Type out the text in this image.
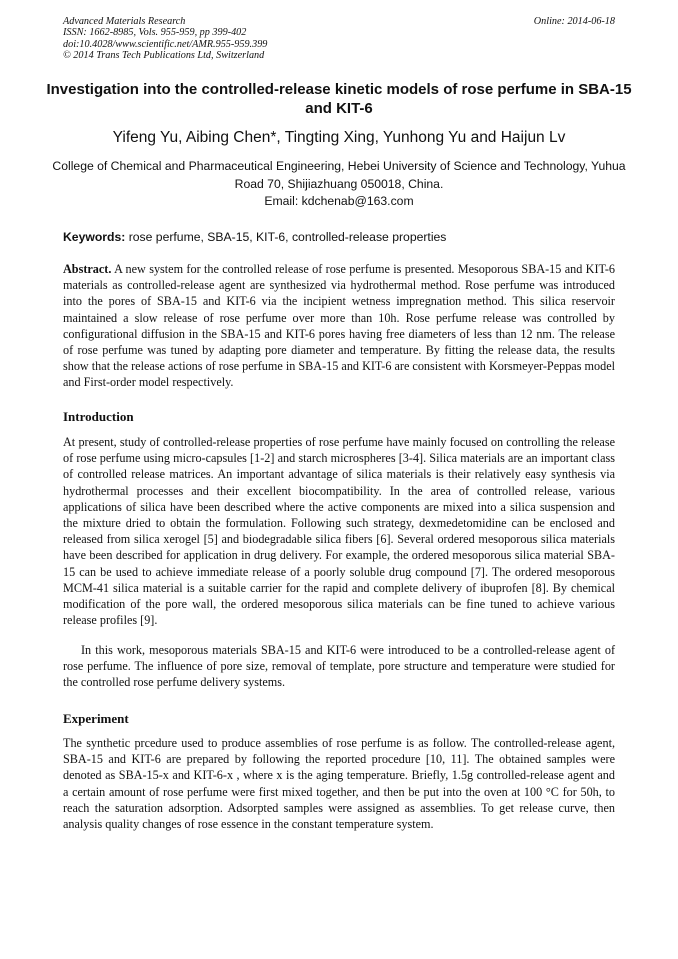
Advanced Materials Research
ISSN: 1662-8985, Vols. 955-959, pp 399-402
doi:10.4028/www.scientific.net/AMR.955-959.399
© 2014 Trans Tech Publications Ltd, Switzerland
Online: 2014-06-18
Investigation into the controlled-release kinetic models of rose perfume in SBA-15 and KIT-6
Yifeng Yu, Aibing Chen*, Tingting Xing, Yunhong Yu and Haijun Lv
College of Chemical and Pharmaceutical Engineering, Hebei University of Science and Technology, Yuhua Road 70, Shijiazhuang 050018, China.
Email: kdchenab@163.com
Keywords: rose perfume, SBA-15, KIT-6, controlled-release properties

Abstract. A new system for the controlled release of rose perfume is presented. Mesoporous SBA-15 and KIT-6 materials as controlled-release agent are synthesized via hydrothermal method. Rose perfume was introduced into the pores of SBA-15 and KIT-6 via the incipient wetness impregnation method. This silica reservoir maintained a slow release of rose perfume over more than 10h. Rose perfume release was controlled by configurational diffusion in the SBA-15 and KIT-6 pores having free diameters of less than 12 nm. The release of rose perfume was tuned by adapting pore diameter and temperature. By fitting the release data, the results show that the release actions of rose perfume in SBA-15 and KIT-6 are consistent with Korsmeyer-Peppas model and First-order model respectively.

Introduction

At present, study of controlled-release properties of rose perfume have mainly focused on controlling the release of rose perfume using micro-capsules [1-2] and starch microspheres [3-4]. Silica materials are an important class of controlled release matrices. An important advantage of silica materials is their relatively easy synthesis via hydrothermal processes and their excellent biocompatibility. In the area of controlled release, various applications of silica have been described where the active components are mixed into a silica suspension and the mixture dried to obtain the formulation. Following such strategy, dexmedetomidine can be enclosed and released from silica xerogel [5] and biodegradable silica fibers [6]. Several ordered mesoporous silica materials have been described for application in drug delivery. For example, the ordered mesoporous silica material SBA-15 can be used to achieve immediate release of a poorly soluble drug compound [7]. The ordered mesoporous MCM-41 silica material is a suitable carrier for the rapid and complete delivery of ibuprofen [8]. By chemical modification of the pore wall, the ordered mesoporous silica materials can be fine tuned to achieve various release profiles [9].

In this work, mesoporous materials SBA-15 and KIT-6 were introduced to be a controlled-release agent of rose perfume. The influence of pore size, removal of template, pore structure and temperature were studied for the controlled rose perfume delivery systems.

Experiment

The synthetic prcedure used to produce assemblies of rose perfume is as follow. The controlled-release agent, SBA-15 and KIT-6 are prepared by following the reported procedure [10, 11]. The obtained samples were denoted as SBA-15-x and KIT-6-x , where x is the aging temperature. Briefly, 1.5g controlled-release agent and a certain amount of rose perfume were first mixed together, and then be put into the oven at 100 °C for 50h, to reach the saturation adsorption. Adsorpted samples were assigned as assemblies. To get release curve, then analysis quality changes of rose essence in the constant temperature system.
